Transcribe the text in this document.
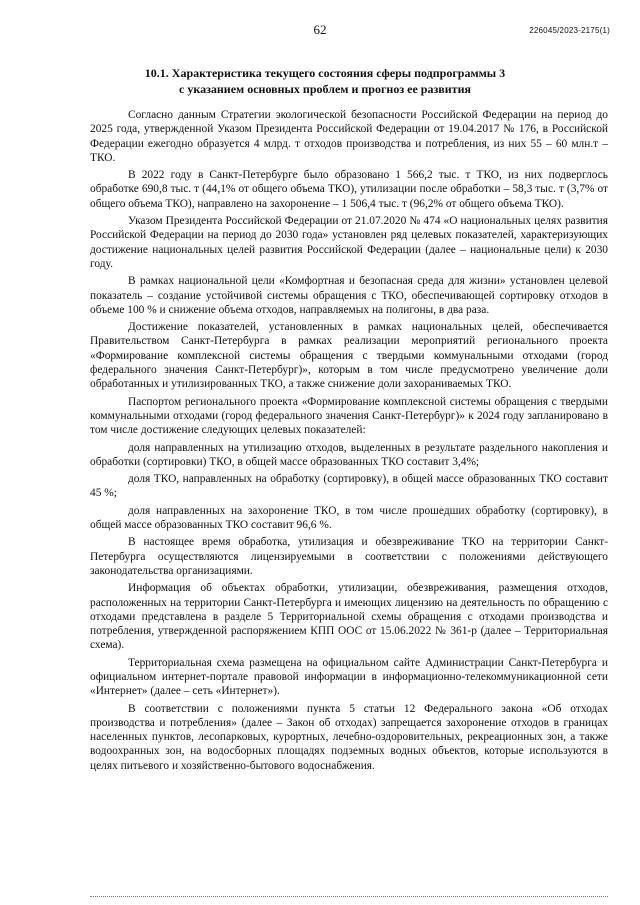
62	226045/2023-2175(1)
10.1. Характеристика текущего состояния сферы подпрограммы 3
с указанием основных проблем и прогноз ее развития

Согласно данным Стратегии экологической безопасности Российской Федерации на период до 2025 года, утвержденной Указом Президента Российской Федерации от 19.04.2017 № 176, в Российской Федерации ежегодно образуется 4 млрд. т отходов производства и потребления, из них 55 – 60 млн.т – ТКО.

В 2022 году в Санкт-Петербурге было образовано 1 566,2 тыс. т ТКО, из них подверглось обработке 690,8 тыс. т (44,1% от общего объема ТКО), утилизации после обработки – 58,3 тыс. т (3,7% от общего объема ТКО), направлено на захоронение – 1 506,4 тыс. т (96,2% от общего объема ТКО).

Указом Президента Российской Федерации от 21.07.2020 № 474 «О национальных целях развития Российской Федерации на период до 2030 года» установлен ряд целевых показателей, характеризующих достижение национальных целей развития Российской Федерации (далее – национальные цели) к 2030 году.

В рамках национальной цели «Комфортная и безопасная среда для жизни» установлен целевой показатель – создание устойчивой системы обращения с ТКО, обеспечивающей сортировку отходов в объеме 100 % и снижение объема отходов, направляемых на полигоны, в два раза.

Достижение показателей, установленных в рамках национальных целей, обеспечивается Правительством Санкт-Петербурга в рамках реализации мероприятий регионального проекта «Формирование комплексной системы обращения с твердыми коммунальными отходами (город федерального значения Санкт-Петербург)», которым в том числе предусмотрено увеличение доли обработанных и утилизированных ТКО, а также снижение доли захораниваемых ТКО.

Паспортом регионального проекта «Формирование комплексной системы обращения с твердыми коммунальными отходами (город федерального значения Санкт-Петербург)» к 2024 году запланировано в том числе достижение следующих целевых показателей:

доля направленных на утилизацию отходов, выделенных в результате раздельного накопления и обработки (сортировки) ТКО, в общей массе образованных ТКО составит 3,4%;

доля ТКО, направленных на обработку (сортировку), в общей массе образованных ТКО составит 45 %;

доля направленных на захоронение ТКО, в том числе прошедших обработку (сортировку), в общей массе образованных ТКО составит 96,6 %.

В настоящее время обработка, утилизация и обезвреживание ТКО на территории Санкт-Петербурга осуществляются лицензируемыми в соответствии с положениями действующего законодательства организациями.

Информация об объектах обработки, утилизации, обезвреживания, размещения отходов, расположенных на территории Санкт-Петербурга и имеющих лицензию на деятельность по обращению с отходами представлена в разделе 5 Территориальной схемы обращения с отходами производства и потребления, утвержденной распоряжением КПП ООС от 15.06.2022 № 361-р (далее – Территориальная схема).

Территориальная схема размещена на официальном сайте Администрации Санкт-Петербурга и официальном интернет-портале правовой информации в информационно-телекоммуникационной сети «Интернет» (далее – сеть «Интернет»).

В соответствии с положениями пункта 5 статьи 12 Федерального закона «Об отходах производства и потребления» (далее – Закон об отходах) запрещается захоронение отходов в границах населенных пунктов, лесопарковых, курортных, лечебно-оздоровительных, рекреационных зон, а также водоохранных зон, на водосборных площадях подземных водных объектов, которые используются в целях питьевого и хозяйственно-бытового водоснабжения.
